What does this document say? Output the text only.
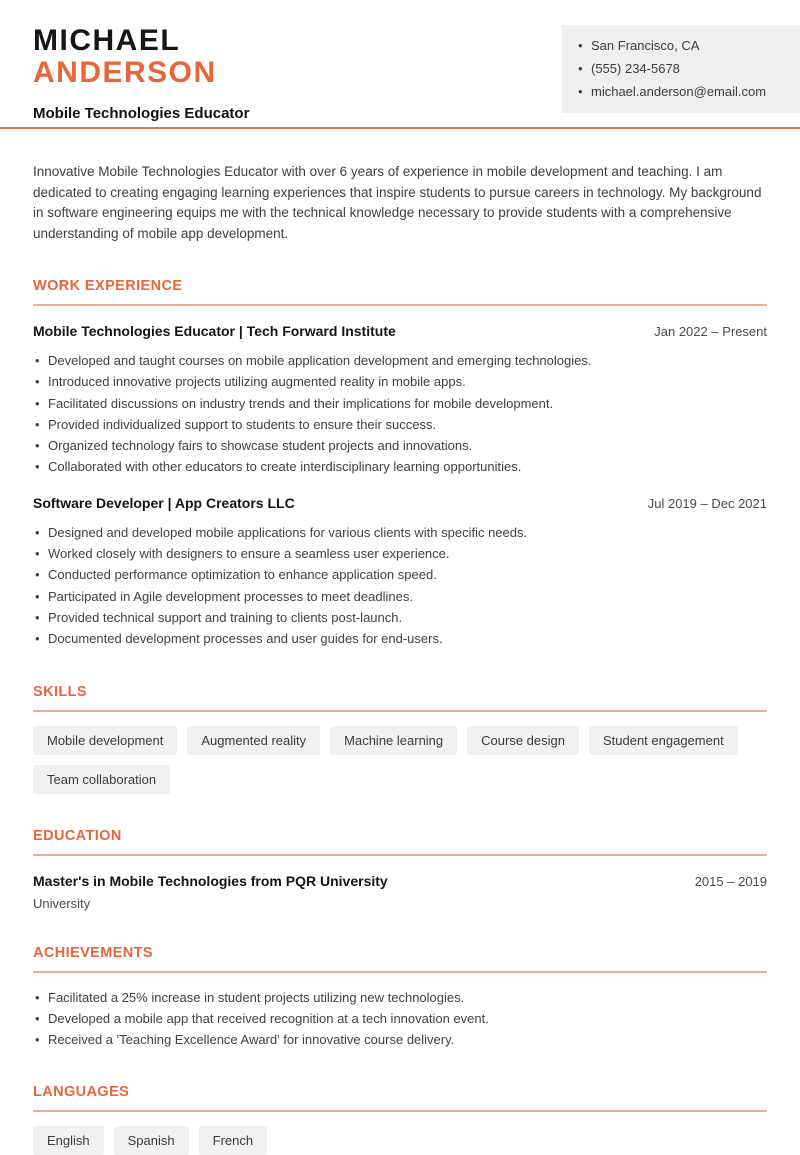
MICHAEL
ANDERSON
Mobile Technologies Educator
• San Francisco, CA
• (555) 234-5678
• michael.anderson@email.com

Innovative Mobile Technologies Educator with over 6 years of experience in mobile development and teaching. I am dedicated to creating engaging learning experiences that inspire students to pursue careers in technology. My background in software engineering equips me with the technical knowledge necessary to provide students with a comprehensive understanding of mobile app development.

WORK EXPERIENCE
Mobile Technologies Educator | Tech Forward Institute	Jan 2022 – Present
• Developed and taught courses on mobile application development and emerging technologies.
• Introduced innovative projects utilizing augmented reality in mobile apps.
• Facilitated discussions on industry trends and their implications for mobile development.
• Provided individualized support to students to ensure their success.
• Organized technology fairs to showcase student projects and innovations.
• Collaborated with other educators to create interdisciplinary learning opportunities.
Software Developer | App Creators LLC	Jul 2019 – Dec 2021
• Designed and developed mobile applications for various clients with specific needs.
• Worked closely with designers to ensure a seamless user experience.
• Conducted performance optimization to enhance application speed.
• Participated in Agile development processes to meet deadlines.
• Provided technical support and training to clients post-launch.
• Documented development processes and user guides for end-users.
SKILLS
Mobile development	Augmented reality	Machine learning	Course design	Student engagement
Team collaboration
EDUCATION
Master's in Mobile Technologies from PQR University	2015 – 2019
University
ACHIEVEMENTS
• Facilitated a 25% increase in student projects utilizing new technologies.
• Developed a mobile app that received recognition at a tech innovation event.
• Received a 'Teaching Excellence Award' for innovative course delivery.
LANGUAGES
English	Spanish	French
